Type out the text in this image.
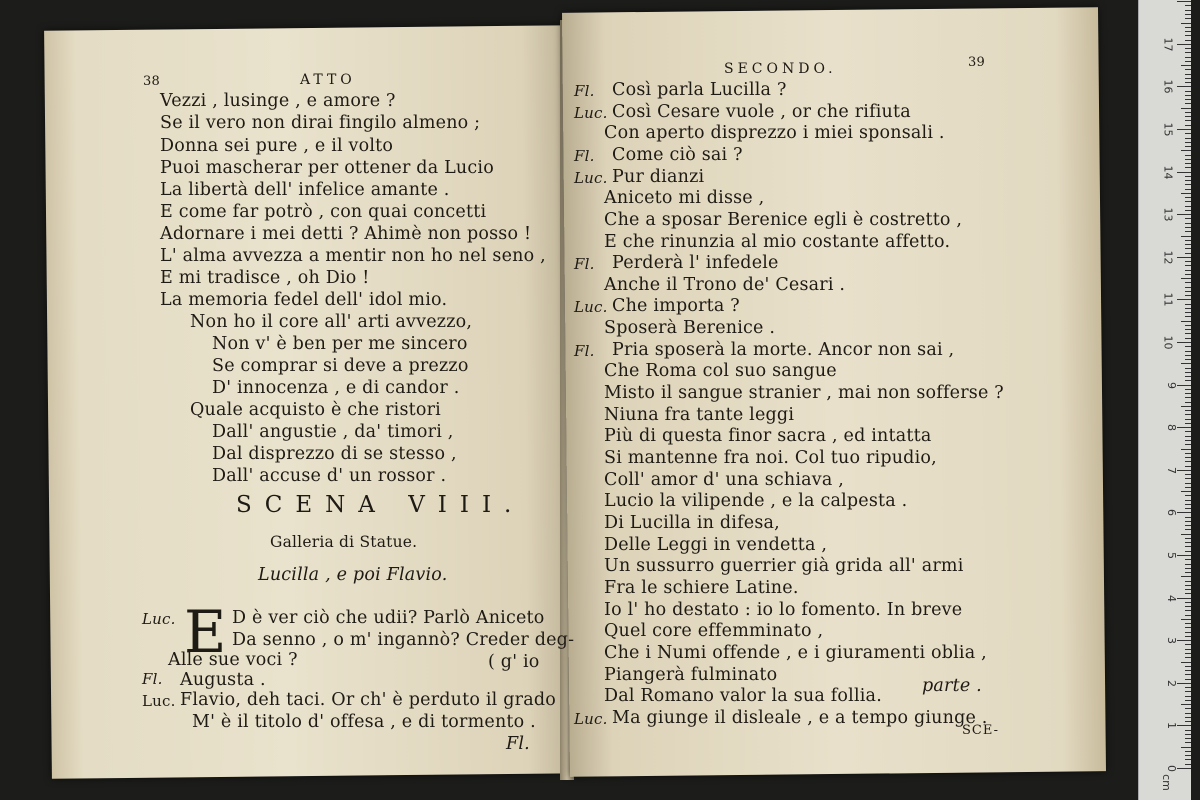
38	ATTO
Vezzi , lusinge , e amore ?
Se il vero non dirai fingilo almeno ;
Donna sei pure , e il volto
Puoi mascherar per ottener da Lucio
La libertà dell' infelice amante .
E come far potrò , con quai concetti
Adornare i mei detti ? Ahimè non posso !
L' alma avvezza a mentir non ho nel seno ,
E mi tradisce , oh Dio !
La memoria fedel dell' idol mio.
Non ho il core all' arti avvezzo,
Non v' è ben per me sincero
Se comprar si deve a prezzo
D' innocenza , e di candor .
Quale acquisto è che ristori
Dall' angustie , da' timori ,
Dal disprezzo di se stesso ,
Dall' accuse d' un rossor .
SCENA VIII.
Galleria di Statue.
Lucilla , e poi Flavio.
Luc. E D è ver ciò che udii? Parlò Aniceto
Da senno , o m' ingannò? Creder deg-
Alle sue voci ?	( g' io
Fl. Augusta .
Luc. Flavio, deh taci. Or ch' è perduto il grado
M' è il titolo d' offesa , e di tormento .
Fl.
SECONDO.	39
Fl. Così parla Lucilla ?
Luc. Così Cesare vuole , or che rifiuta
Con aperto disprezzo i miei sponsali .
Fl. Come ciò sai ?
Luc. Pur dianzi
Aniceto mi disse ,
Che a sposar Berenice egli è costretto ,
E che rinunzia al mio costante affetto.
Fl. Perderà l' infedele
Anche il Trono de' Cesari .
Luc. Che importa ?
Sposerà Berenice .
Fl. Pria sposerà la morte. Ancor non sai ,
Che Roma col suo sangue
Misto il sangue stranier , mai non sofferse ?
Niuna fra tante leggi
Più di questa finor sacra , ed intatta
Si mantenne fra noi. Col tuo ripudio,
Coll' amor d' una schiava ,
Lucio la vilipende , e la calpesta .
Di Lucilla in difesa,
Delle Leggi in vendetta ,
Un sussurro guerrier già grida all' armi
Fra le schiere Latine.
Io l' ho destato : io lo fomento. In breve
Quel core effemminato ,
Che i Numi offende , e i giuramenti oblia ,
Piangerà fulminato
Dal Romano valor la sua follia.
Luc. Ma giunge il disleale , e a tempo giunge .
parte .
SCE-
17
16
15
14
13
12
11
10
9
8
7
6
5
4
3
2
1
0
cm
